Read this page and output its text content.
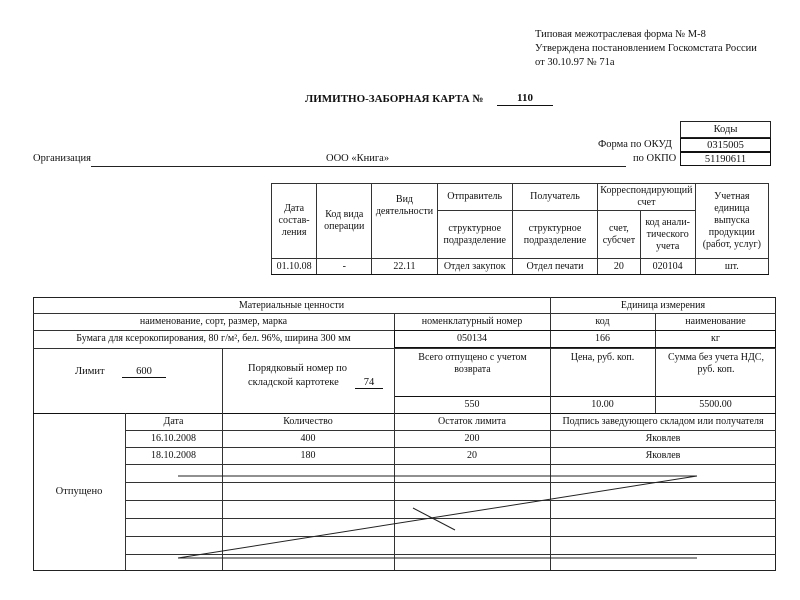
Типовая межотраслевая форма № М-8
Утверждена постановлением Госкомстата России
от 30.10.97 № 71а
ЛИМИТНО-ЗАБОРНАЯ КАРТА №	110
Коды
0315005
51190611
Форма по ОКУД
по ОКПО
Организация	ООО «Книга»
Дата состав-ления	Код вида операции	Вид деятельности	Отправитель	Получатель	Корреспондирующий счет		Учетная единица выпуска продукции (работ, услуг)
			структурное подразделение	структурное подразделение	счет, субсчет	код анали-тического учета	
01.10.08	-	22.11	Отдел закупок	Отдел печати	20	020104	шт.
Материальные ценности	Единица измерения
наименование, сорт, размер, марка	номенклатурный номер	код	наименование
Бумага для ксерокопирования, 80 г/м², бел. 96%, ширина 300 мм	050134	166	кг
Лимит	600	Порядковый номер по
складской картотеке	74
Всего отпущено с учетом возврата
Цена, руб. коп.	Сумма без учета НДС, руб. коп.
550	10.00	5500.00
Отпущено
Дата	Количество	Остаток лимита	Подпись заведующего складом или получателя
16.10.2008	400	200	Яковлев
18.10.2008	180	20	Яковлев
